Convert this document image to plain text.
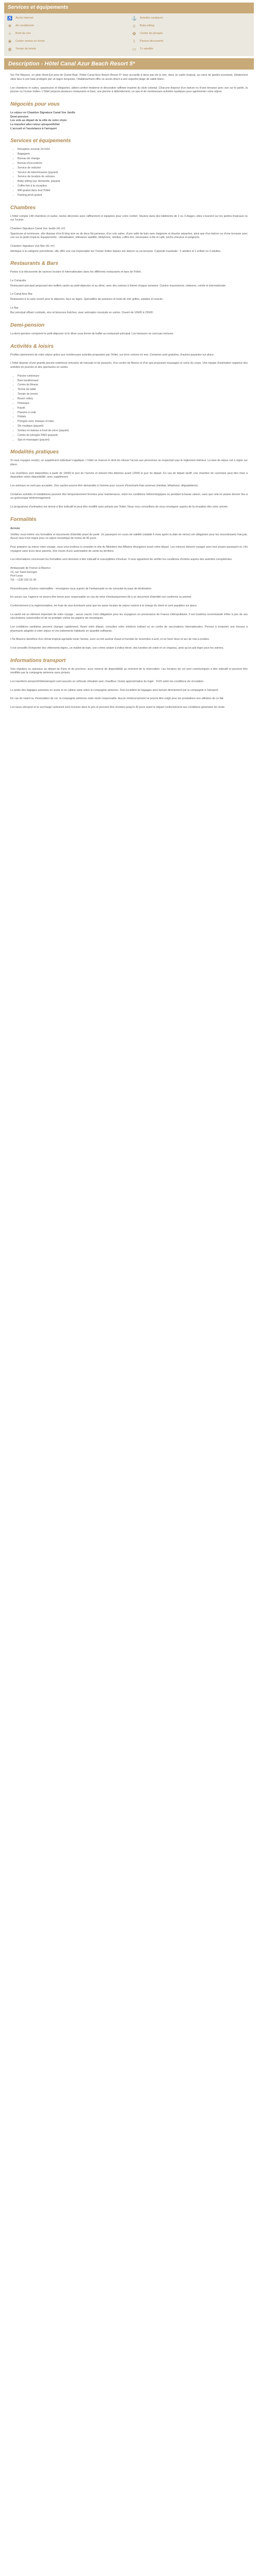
Services et équipements
♿ Accès Internet	⚓ Activités nautiques
❄	Air conditionné	☺ Baby sitting
≈	Bord de mer	✿	Centre de plongée
❀	Centre remise en forme	⌇	Piscine découverte
◍ Terrain de tennis	▭ Tv satellite
Description - Hôtel Canal Azur Beach Resort 5*

Sur l'île Maurice, en plein Nord-Est près de Grand Baie, l'hôtel Canal Azur Beach Resort 5* vous accueille à deux pas de la mer, dans un cadre tropical, au cœur de jardins luxuriants. Idéalement situé face à une baie protégée par un lagon turquoise, l'établissement offre un accès direct à une superbe plage de sable blanc.

Les chambres et suites, spacieuses et élégantes, allient confort moderne et décoration raffinée inspirée du style colonial. Chacune dispose d'un balcon ou d'une terrasse avec vue sur le jardin, la piscine ou l'océan Indien. L'hôtel propose plusieurs restaurants et bars, une piscine à débordement, un spa et de nombreuses activités nautiques pour agrémenter votre séjour.

Négociés pour vous

Le séjour en Chambre Signature Canal Vue Jardin

Demi-pension

Les vols au départ de la ville de votre choix

Le transfert aller-retour aéroport/hôtel

L'accueil et l'assistance à l'aéroport

Services et équipements
• Réception ouverte 24 h/24
• Bagagerie
• Bureau de change
• Bureau d'excursions
• Service de voiturier
• Service de blanchisserie (payant)
• Service de location de voitures
• Baby-sitting (sur demande, payant)
• Coffre-fort à la réception
• Wifi gratuit dans tout l'hôtel
• Parking privé gratuit
Chambres

L'hôtel compte 148 chambres et suites, toutes décorées avec raffinement et équipées pour votre confort. Situées dans des bâtiments de 2 ou 3 étages, elles s'ouvrent sur les jardins tropicaux ou sur l'océan.

Chambre Signature Canal Vue Jardin (41 m²)

Spacieuse et lumineuse, elle dispose d'un lit king size ou de deux lits jumeaux, d'un coin salon, d'une salle de bain avec baignoire et douche séparées, ainsi que d'un balcon ou d'une terrasse avec vue sur le jardin tropical. Équipements : climatisation, télévision satellite, téléphone, minibar, coffre-fort, nécessaire à thé et café, sèche-cheveux et peignoirs.

Chambre Signature Vue Mer (41 m²)

Identique à la catégorie précédente, elle offre une vue imprenable sur l'océan Indien depuis son balcon ou sa terrasse. Capacité maximale : 2 adultes et 1 enfant ou 3 adultes.

Restaurants & Bars

Partez à la découverte de saveurs locales et internationales dans les différents restaurants et bars de l'hôtel.

Le Coriandre

Restaurant principal proposant des buffets variés au petit-déjeuner et au dîner, avec des soirées à thème chaque semaine. Cuisine mauricienne, indienne, créole et internationale.

Le Canal Azur Bar

Restaurant à la carte ouvert pour le déjeuner, face au lagon. Spécialités de poissons et fruits de mer grillés, salades et snacks.

Le Bar

Bar principal offrant cocktails, vins et boissons fraîches, avec animation musicale en soirée. Ouvert de 10h00 à 23h00.

Demi-pension

La demi-pension comprend le petit-déjeuner et le dîner sous forme de buffet au restaurant principal. Les boissons ne sont pas incluses.

Activités & loisirs

Profitez pleinement de votre séjour grâce aux nombreuses activités proposées par l'hôtel, sur terre comme en mer. Certaines sont gratuites, d'autres payantes sur place.

L'hôtel dispose d'une grande piscine extérieure entourée de transats et de parasols, d'un centre de fitness et d'un spa proposant massages et soins du corps. Une équipe d'animation organise des activités en journée et des spectacles en soirée.

• Piscine extérieure
• Bain bouillonnant
• Centre de fitness
• Tennis de table
• Terrain de tennis
• Beach volley
• Pétanque
• Kayak
• Planche à voile
• Pédalo
• Plongée avec masque et tuba
• Ski nautique (payant)
• Sorties en bateau à fond de verre (payant)
• Centre de plongée PADI (payant)
• Spa et massages (payant)
Modalités pratiques

Si vous voyagez seul(e), un supplément individuel s'applique. L'hôtel se réserve le droit de refuser l'accès aux personnes ne respectant pas le règlement intérieur. La taxe de séjour est à régler sur place.

Les chambres sont disponibles à partir de 14h00 le jour de l'arrivée et doivent être libérées avant 12h00 le jour du départ. En cas de départ tardif, une chambre de courtoisie peut être mise à disposition selon disponibilité, avec supplément.

Les animaux ne sont pas acceptés. Une caution pourra être demandée à l'arrivée pour couvrir d'éventuels frais annexes (minibar, téléphone, dégradations).

Certaines activités et installations peuvent être temporairement fermées pour maintenance, selon les conditions météorologiques ou pendant la basse saison, sans que cela ne puisse donner lieu à un quelconque dédommagement.

Le programme d'animation est donné à titre indicatif et peut être modifié sans préavis par l'hôtel. Nous vous conseillons de vous renseigner auprès de la réception dès votre arrivée.

Formalités
Arrivée

Vérifiez vous-même vos formalités et documents d'identité avant de partir. Un passeport en cours de validité (valable 6 mois après la date de retour) est obligatoire pour les ressortissants français. Aucun visa n'est requis pour un séjour touristique de moins de 90 jours.

Pour préparer au mieux votre voyage, nous vous invitons à consulter le site du Ministère des Affaires étrangères avant votre départ. Les mineurs doivent voyager avec leur propre passeport et, s'ils voyagent sans leurs deux parents, être munis d'une autorisation de sortie du territoire.

Les informations concernant les formalités sont données à titre indicatif et susceptibles d'évoluer. Il vous appartient de vérifier les conditions d'entrée auprès des autorités compétentes.

Ambassade de France à Maurice

14, rue Saint-Georges

Port-Louis

Tél. : +230 202 01 00

Ressortissants d'autres nationalités : renseignez-vous auprès de l'ambassade ou du consulat du pays de destination.

En aucun cas, l'agence ne pourra être tenue pour responsable en cas de refus d'embarquement dû à un document d'identité non conforme ou périmé.

Conformément à la réglementation, les frais de visa éventuels ainsi que les taxes locales de séjour restent à la charge du client et sont payables sur place.

La santé est un élément important de votre voyage : aucun vaccin n'est obligatoire pour les voyageurs en provenance de France métropolitaine. Il est toutefois recommandé d'être à jour de ses vaccinations universelles et de se protéger contre les piqûres de moustiques.

Les conditions sanitaires peuvent changer rapidement. Avant votre départ, consultez votre médecin traitant ou un centre de vaccinations internationales. Pensez à emporter une trousse à pharmacie adaptée à votre séjour et vos traitements habituels en quantité suffisante.

L'Ile Maurice bénéficie d'un climat tropical agréable toute l'année, avec un été austral chaud et humide de novembre à avril, et un hiver doux et sec de mai à octobre.

Il est conseillé d'emporter des vêtements légers, un maillot de bain, une crème solaire à indice élevé, des lunettes de soleil et un chapeau, ainsi qu'un pull léger pour les soirées.

Informations transport

Vols réguliers ou spéciaux au départ de Paris et de province, sous réserve de disponibilité au moment de la réservation. Les horaires de vol sont communiqués à titre indicatif et peuvent être modifiés par la compagnie aérienne sans préavis.

Les transferts aéroport/hôtel/aéroport sont assurés en véhicule climatisé avec chauffeur. Durée approximative du trajet : 1h15 selon les conditions de circulation.

Le poids des bagages autorisés en soute et en cabine varie selon la compagnie aérienne. Tout excédent de bagages sera facturé directement par la compagnie à l'aéroport.

En cas de retard ou d'annulation de vol, la compagnie aérienne reste seule responsable. Aucun remboursement ne pourra être exigé pour les prestations non utilisées de ce fait.

Les taxes aéroport et la surcharge carburant sont incluses dans le prix et peuvent être révisées jusqu'à 30 jours avant le départ conformément aux conditions générales de vente.
